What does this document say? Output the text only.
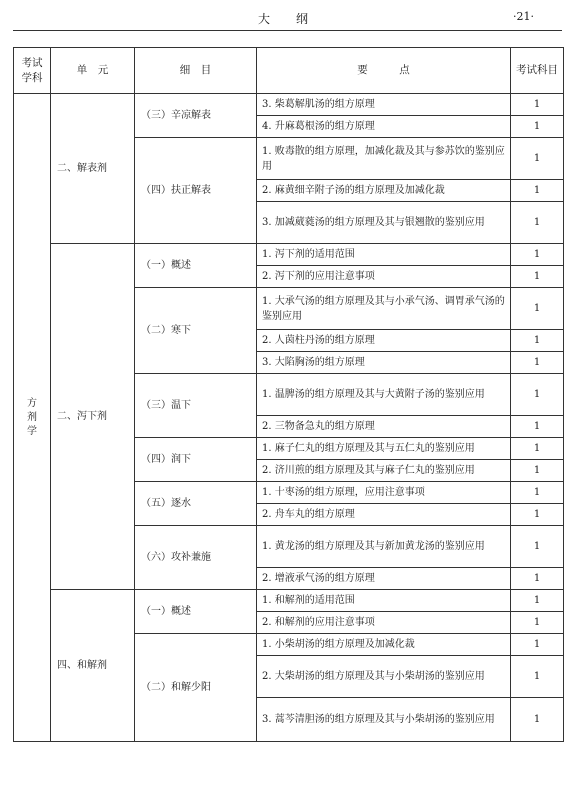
大纲	·21·
考试学科	单　元	细　目	要　　　点	考试科目
方剂学	二、解表剂	（三）辛凉解表	3. 柴葛解肌汤的组方原理	1
			4. 升麻葛根汤的组方原理	1
		（四）扶正解表	1. 败毒散的组方原理，加减化裁及其与参苏饮的鉴别应用	1
			2. 麻黄细辛附子汤的组方原理及加减化裁	1
			3. 加减葳蕤汤的组方原理及其与银翘散的鉴别应用	1
	二、泻下剂	（一）概述	1. 泻下剂的适用范围	1
			2. 泻下剂的应用注意事项	1
		（二）寒下	1. 大承气汤的组方原理及其与小承气汤、调胃承气汤的鉴别应用	1
			2. 人茵柱丹汤的组方原理	1
			3. 大陷胸汤的组方原理	1
		（三）温下	1. 温脾汤的组方原理及其与大黄附子汤的鉴别应用	1
			2. 三物备急丸的组方原理	1
		（四）润下	1. 麻子仁丸的组方原理及其与五仁丸的鉴别应用	1
			2. 济川煎的组方原理及其与麻子仁丸的鉴别应用	1
		（五）逐水	1. 十枣汤的组方原理，应用注意事项	1
			2. 舟车丸的组方原理	1
		（六）攻补兼施	1. 黄龙汤的组方原理及其与新加黄龙汤的鉴别应用	1
			2. 增液承气汤的组方原理	1
	四、和解剂	（一）概述	1. 和解剂的适用范围	1
			2. 和解剂的应用注意事项	1
		（二）和解少阳	1. 小柴胡汤的组方原理及加减化裁	1
			2. 大柴胡汤的组方原理及其与小柴胡汤的鉴别应用	1
			3. 蒿芩清胆汤的组方原理及其与小柴胡汤的鉴别应用	1
